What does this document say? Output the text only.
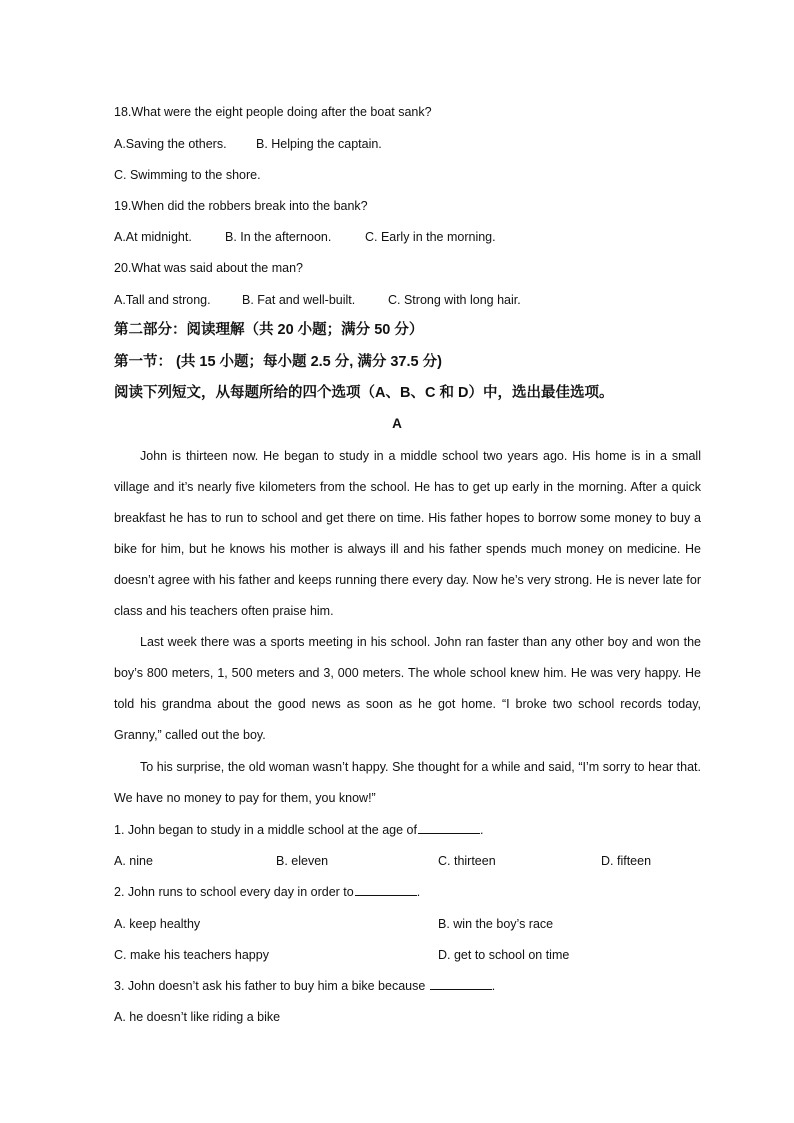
18.What were the eight people doing after the boat sank?
A.Saving the others. B. Helping the captain.
C. Swimming to the shore.
19.When did the robbers break into the bank?
A.At midnight.	B. In the afternoon.	C. Early in the morning.
20.What was said about the man?
A.Tall and strong.	B. Fat and well-built.	C. Strong with long hair.
第二部分：阅读理解（共 20 小题；满分 50 分）
第一节： (共 15 小题；每小题 2.5 分, 满分 37.5 分)
阅读下列短文，从每题所给的四个选项（A、B、C 和 D）中，选出最佳选项。
A

John is thirteen now. He began to study in a middle school two years ago. His home is in a small village and it’s nearly five kilometers from the school. He has to get up early in the morning. After a quick breakfast he has to run to school and get there on time. His father hopes to borrow some money to buy a bike for him, but he knows his mother is always ill and his father spends much money on medicine. He doesn’t agree with his father and keeps running there every day. Now he’s very strong. He is never late for class and his teachers often praise him.

Last week there was a sports meeting in his school. John ran faster than any other boy and won the boy’s 800 meters, 1, 500 meters and 3, 000 meters. The whole school knew him. He was very happy. He told his grandma about the good news as soon as he got home. “I broke two school records today, Granny,” called out the boy.

To his surprise, the old woman wasn’t happy. She thought for a while and said, “I’m sorry to hear that. We have no money to pay for them, you know!”

1. John began to study in a middle school at the age of	.
A. nine	B. eleven	C. thirteen	D. fifteen
2. John runs to school every day in order to	.
A. keep healthy	B. win the boy’s race
C. make his teachers happy	D. get to school on time
3. John doesn’t ask his father to buy him a bike because	.
A. he doesn’t like riding a bike
